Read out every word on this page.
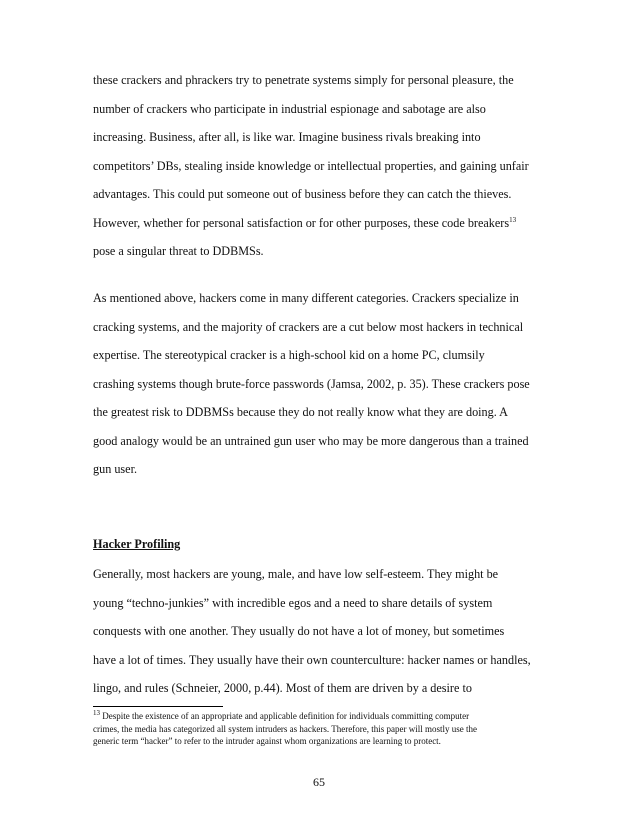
these crackers and phrackers try to penetrate systems simply for personal pleasure, the
number of crackers who participate in industrial espionage and sabotage are also
increasing. Business, after all, is like war. Imagine business rivals breaking into
competitors’ DBs, stealing inside knowledge or intellectual properties, and gaining unfair
advantages. This could put someone out of business before they can catch the thieves.
However, whether for personal satisfaction or for other purposes, these code breakers$^{13}$
pose a singular threat to DDBMSs.
As mentioned above, hackers come in many different categories. Crackers specialize in
cracking systems, and the majority of crackers are a cut below most hackers in technical
expertise. The stereotypical cracker is a high-school kid on a home PC, clumsily
crashing systems though brute-force passwords (Jamsa, 2002, p. 35). These crackers pose
the greatest risk to DDBMSs because they do not really know what they are doing. A
good analogy would be an untrained gun user who may be more dangerous than a trained
gun user.
Hacker Profiling
Generally, most hackers are young, male, and have low self-esteem. They might be
young “techno-junkies” with incredible egos and a need to share details of system
conquests with one another. They usually do not have a lot of money, but sometimes
have a lot of times. They usually have their own counterculture: hacker names or handles,
lingo, and rules (Schneier, 2000, p.44). Most of them are driven by a desire to
$^{13}$ Despite the existence of an appropriate and applicable definition for individuals committing computer
crimes, the media has categorized all system intruders as hackers. Therefore, this paper will mostly use the
generic term “hacker” to refer to the intruder against whom organizations are learning to protect.
65
